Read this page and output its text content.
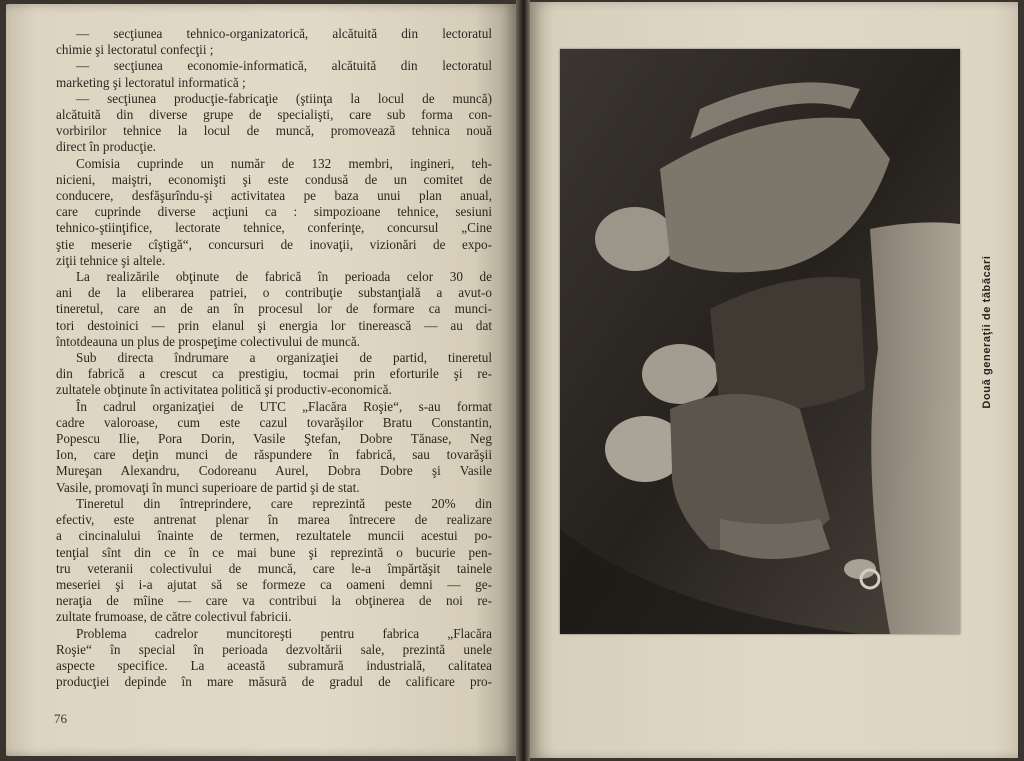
— secţiunea tehnico-organizatorică, alcătuită din lectoratul
chimie şi lectoratul confecţii ;
— secţiunea economie-informatică, alcătuită din lectoratul
marketing şi lectoratul informatică ;
— secţiunea producţie-fabricaţie (ştiinţa la locul de muncă)
alcătuită din diverse grupe de specialişti, care sub forma con-
vorbirilor tehnice la locul de muncă, promovează tehnica nouă
direct în producţie.
Comisia cuprinde un număr de 132 membri, ingineri, teh-
nicieni, maiştri, economişti şi este condusă de un comitet de
conducere, desfăşurîndu-şi activitatea pe baza unui plan anual,
care cuprinde diverse acţiuni ca : simpozioane tehnice, sesiuni
tehnico-ştiinţifice, lectorate tehnice, conferinţe, concursul „Cine
ştie meserie cîştigă“, concursuri de inovaţii, vizionări de expo-
ziţii tehnice şi altele.
La realizările obţinute de fabrică în perioada celor 30 de
ani de la eliberarea patriei, o contribuţie substanţială a avut-o
tineretul, care an de an în procesul lor de formare ca munci-
tori destoinici — prin elanul şi energia lor tinerească — au dat
întotdeauna un plus de prospeţime colectivului de muncă.
Sub directa îndrumare a organizaţiei de partid, tineretul
din fabrică a crescut ca prestigiu, tocmai prin eforturile şi re-
zultatele obţinute în activitatea politică şi productiv-economică.
În cadrul organizaţiei de UTC „Flacăra Roşie“, s-au format
cadre valoroase, cum este cazul tovarăşilor Bratu Constantin,
Popescu Ilie, Pora Dorin, Vasile Ştefan, Dobre Tănase, Neg
Ion, care deţin munci de răspundere în fabrică, sau tovarăşii
Mureşan Alexandru, Codoreanu Aurel, Dobra Dobre şi Vasile
Vasile, promovaţi în munci superioare de partid şi de stat.
Tineretul din întreprindere, care reprezintă peste 20% din
efectiv, este antrenat plenar în marea întrecere de realizare
a cincinalului înainte de termen, rezultatele muncii acestui po-
tenţial sînt din ce în ce mai bune şi reprezintă o bucurie pen-
tru veteranii colectivului de muncă, care le-a împărtăşit tainele
meseriei şi i-a ajutat să se formeze ca oameni demni — ge-
neraţia de mîine — care va contribui la obţinerea de noi re-
zultate frumoase, de către colectivul fabricii.
Problema cadrelor muncitoreşti pentru fabrica „Flacăra
Roşie“ în special în perioada dezvoltării sale, prezintă unele
aspecte specifice. La această subramură industrială, calitatea
producţiei depinde în mare măsură de gradul de calificare pro-
76
Două generaţii de tăbăcari
